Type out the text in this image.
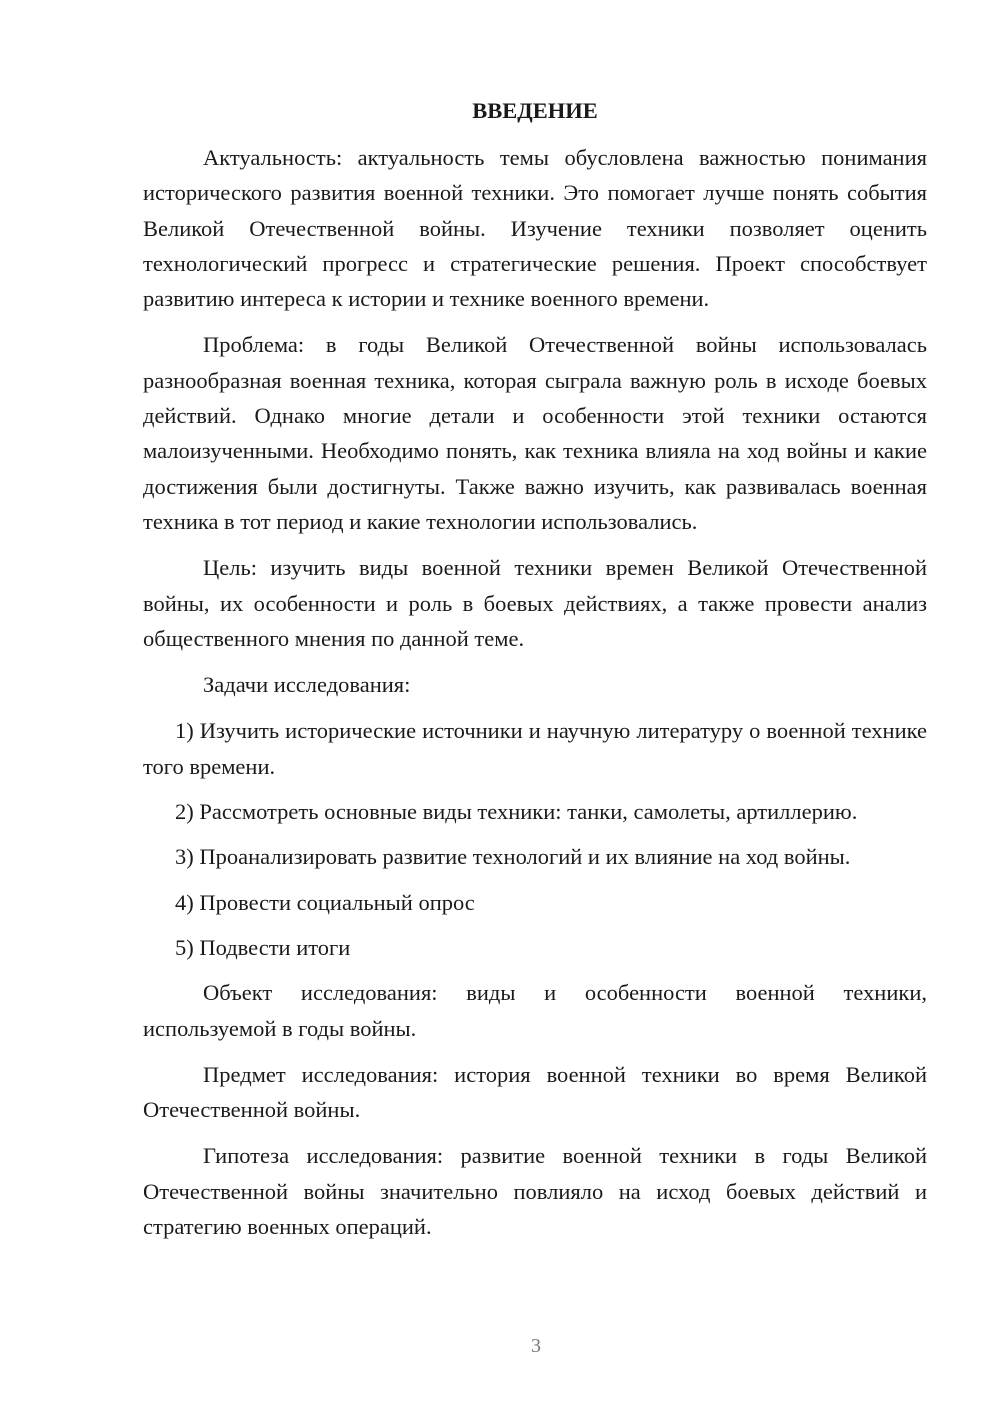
ВВЕДЕНИЕ

Актуальность: актуальность темы обусловлена важностью понимания исторического развития военной техники. Это помогает лучше понять события Великой Отечественной войны. Изучение техники позволяет оценить технологический прогресс и стратегические решения. Проект способствует развитию интереса к истории и технике военного времени.

Проблема: в годы Великой Отечественной войны использовалась разнообразная военная техника, которая сыграла важную роль в исходе боевых действий. Однако многие детали и особенности этой техники остаются малоизученными. Необходимо понять, как техника влияла на ход войны и какие достижения были достигнуты. Также важно изучить, как развивалась военная техника в тот период и какие технологии использовались.

Цель: изучить виды военной техники времен Великой Отечественной войны, их особенности и роль в боевых действиях, а также провести анализ общественного мнения по данной теме.

Задачи исследования:

1) Изучить исторические источники и научную литературу о военной технике того времени.

2) Рассмотреть основные виды техники: танки, самолеты, артиллерию.

3) Проанализировать развитие технологий и их влияние на ход войны.

4) Провести социальный опрос

5) Подвести итоги

Объект исследования: виды и особенности военной техники, используемой в годы войны.

Предмет исследования: история военной техники во время Великой Отечественной войны.

Гипотеза исследования: развитие военной техники в годы Великой Отечественной войны значительно повлияло на исход боевых действий и стратегию военных операций.

3
